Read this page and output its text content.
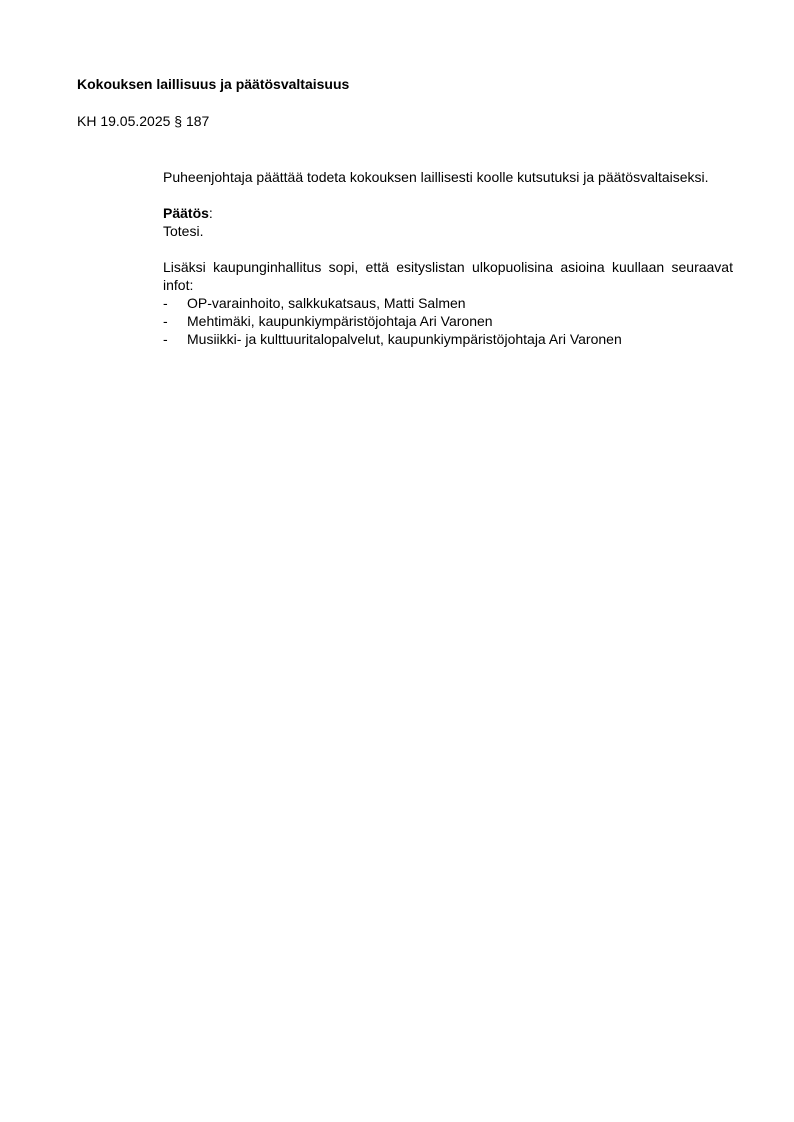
Kokouksen laillisuus ja päätösvaltaisuus
KH 19.05.2025 § 187

Puheenjohtaja päättää todeta kokouksen laillisesti koolle kutsutuksi ja päätösvaltaiseksi.

Päätös:

Totesi.

Lisäksi kaupunginhallitus sopi, että esityslistan ulkopuolisina asioina kuullaan seuraavat infot:

-	OP-varainhoito, salkkukatsaus, Matti Salmen
-	Mehtimäki, kaupunkiympäristöjohtaja Ari Varonen
-	Musiikki- ja kulttuuritalopalvelut, kaupunkiympäristöjohtaja Ari Varonen
